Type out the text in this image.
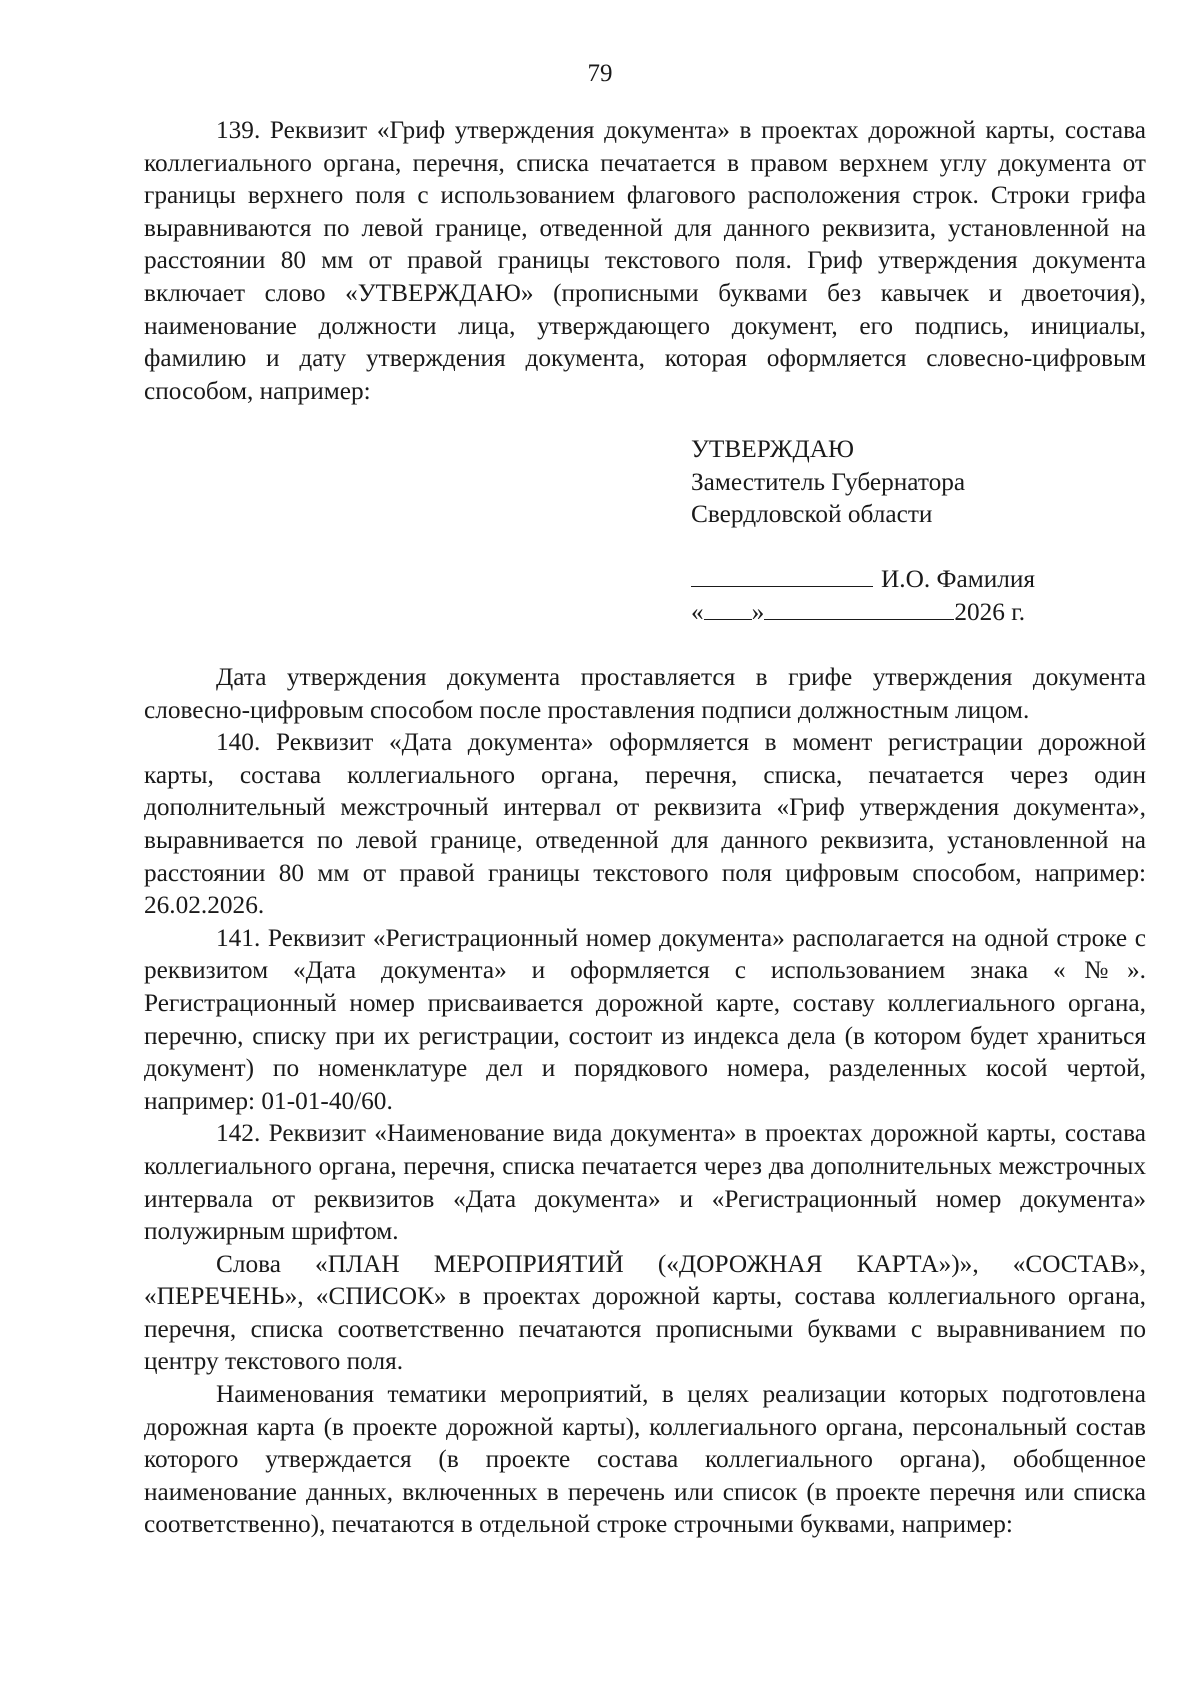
79

139. Реквизит «Гриф утверждения документа» в проектах дорожной карты, состава коллегиального органа, перечня, списка печатается в правом верхнем углу документа от границы верхнего поля с использованием флагового расположения строк. Строки грифа выравниваются по левой границе, отведенной для данного реквизита, установленной на расстоянии 80 мм от правой границы текстового поля. Гриф утверждения документа включает слово «УТВЕРЖДАЮ» (прописными буквами без кавычек и двоеточия), наименование должности лица, утверждающего документ, его подпись, инициалы, фамилию и дату утверждения документа, которая оформляется словесно-цифровым способом, например:

УТВЕРЖДАЮ
Заместитель Губернатора
Свердловской области
И.О. Фамилия
« »	2026 г.

Дата утверждения документа проставляется в грифе утверждения документа словесно-цифровым способом после проставления подписи должностным лицом.

140. Реквизит «Дата документа» оформляется в момент регистрации дорожной карты, состава коллегиального органа, перечня, списка, печатается через один дополнительный межстрочный интервал от реквизита «Гриф утверждения документа», выравнивается по левой границе, отведенной для данного реквизита, установленной на расстоянии 80 мм от правой границы текстового поля цифровым способом, например: 26.02.2026.

141. Реквизит «Регистрационный номер документа» располагается на одной строке с реквизитом «Дата документа» и оформляется с использованием знака «№». Регистрационный номер присваивается дорожной карте, составу коллегиального органа, перечню, списку при их регистрации, состоит из индекса дела (в котором будет храниться документ) по номенклатуре дел и порядкового номера, разделенных косой чертой, например: 01-01-40/60.

142. Реквизит «Наименование вида документа» в проектах дорожной карты, состава коллегиального органа, перечня, списка печатается через два дополнительных межстрочных интервала от реквизитов «Дата документа» и «Регистрационный номер документа» полужирным шрифтом.

Слова «ПЛАН МЕРОПРИЯТИЙ («ДОРОЖНАЯ КАРТА»)», «СОСТАВ», «ПЕРЕЧЕНЬ», «СПИСОК» в проектах дорожной карты, состава коллегиального органа, перечня, списка соответственно печатаются прописными буквами с выравниванием по центру текстового поля.

Наименования тематики мероприятий, в целях реализации которых подготовлена дорожная карта (в проекте дорожной карты), коллегиального органа, персональный состав которого утверждается (в проекте состава коллегиального органа), обобщенное наименование данных, включенных в перечень или список (в проекте перечня или списка соответственно), печатаются в отдельной строке строчными буквами, например:
